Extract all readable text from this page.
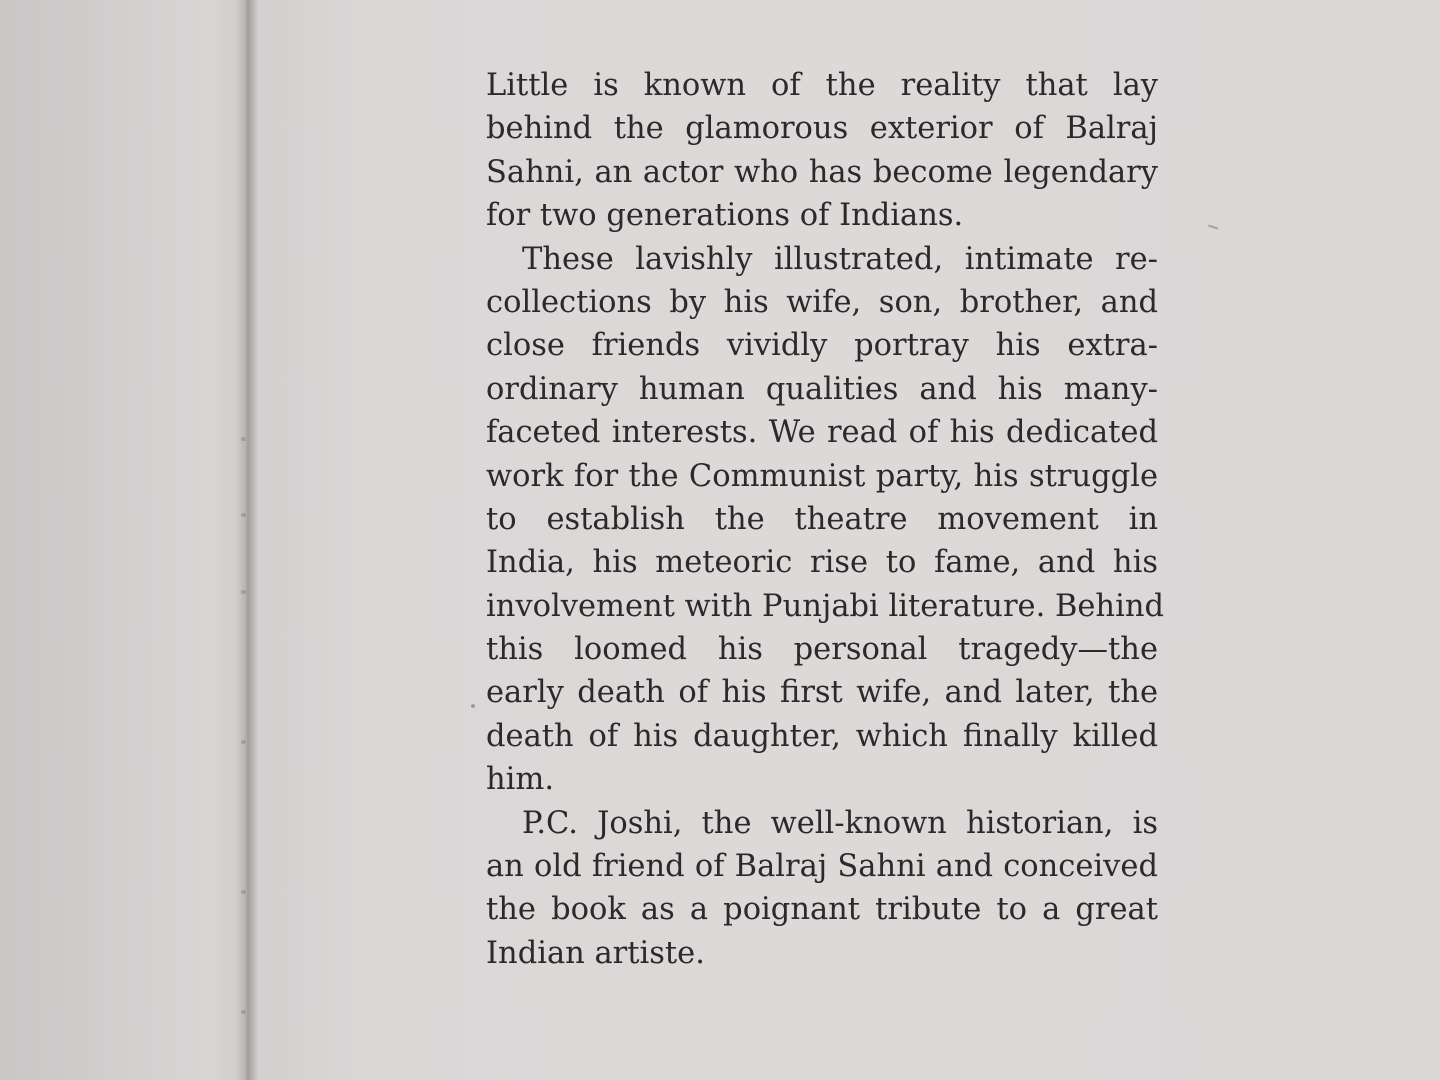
Little is known of the reality that lay
behind the glamorous exterior of Balraj
Sahni, an actor who has become legendary
for two generations of Indians.
These lavishly illustrated, intimate re-
collections by his wife, son, brother, and
close friends vividly portray his extra-
ordinary human qualities and his many-
faceted interests. We read of his dedicated
work for the Communist party, his struggle
to establish the theatre movement in
India, his meteoric rise to fame, and his
involvement with Punjabi literature. Behind
this loomed his personal tragedy—the
early death of his first wife, and later, the
death of his daughter, which finally killed
him.
P.C. Joshi, the well-known historian, is
an old friend of Balraj Sahni and conceived
the book as a poignant tribute to a great
Indian artiste.
